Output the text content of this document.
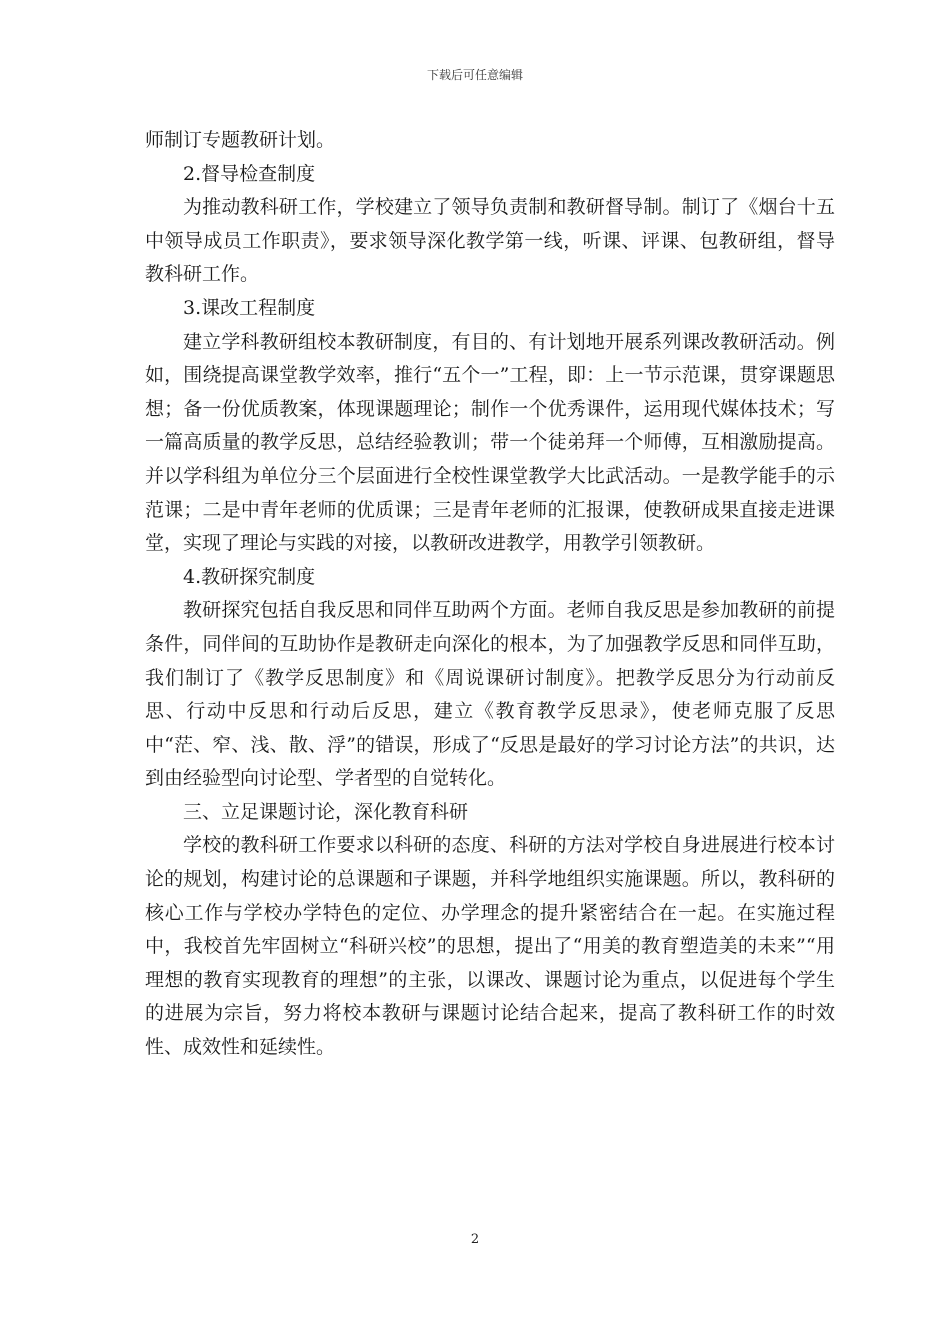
下载后可任意编辑

师制订专题教研计划。

2.督导检查制度

为推动教科研工作，学校建立了领导负责制和教研督导制。制订了《烟台十五中领导成员工作职责》，要求领导深化教学第一线，听课、评课、包教研组，督导教科研工作。

3.课改工程制度

建立学科教研组校本教研制度，有目的、有计划地开展系列课改教研活动。例如，围绕提高课堂教学效率，推行“五个一”工程，即：上一节示范课，贯穿课题思想；备一份优质教案，体现课题理论；制作一个优秀课件，运用现代媒体技术；写一篇高质量的教学反思，总结经验教训；带一个徒弟拜一个师傅，互相激励提高。并以学科组为单位分三个层面进行全校性课堂教学大比武活动。一是教学能手的示范课；二是中青年老师的优质课；三是青年老师的汇报课，使教研成果直接走进课堂，实现了理论与实践的对接，以教研改进教学，用教学引领教研。

4.教研探究制度

教研探究包括自我反思和同伴互助两个方面。老师自我反思是参加教研的前提条件，同伴间的互助协作是教研走向深化的根本，为了加强教学反思和同伴互助，我们制订了《教学反思制度》和《周说课研讨制度》。把教学反思分为行动前反思、行动中反思和行动后反思，建立《教育教学反思录》，使老师克服了反思中“茫、窄、浅、散、浮”的错误，形成了“反思是最好的学习讨论方法”的共识，达到由经验型向讨论型、学者型的自觉转化。

三、立足课题讨论，深化教育科研

学校的教科研工作要求以科研的态度、科研的方法对学校自身进展进行校本讨论的规划，构建讨论的总课题和子课题，并科学地组织实施课题。所以，教科研的核心工作与学校办学特色的定位、办学理念的提升紧密结合在一起。在实施过程中，我校首先牢固树立“科研兴校”的思想，提出了“用美的教育塑造美的未来”“用理想的教育实现教育的理想”的主张，以课改、课题讨论为重点，以促进每个学生的进展为宗旨，努力将校本教研与课题讨论结合起来，提高了教科研工作的时效性、成效性和延续性。

2
